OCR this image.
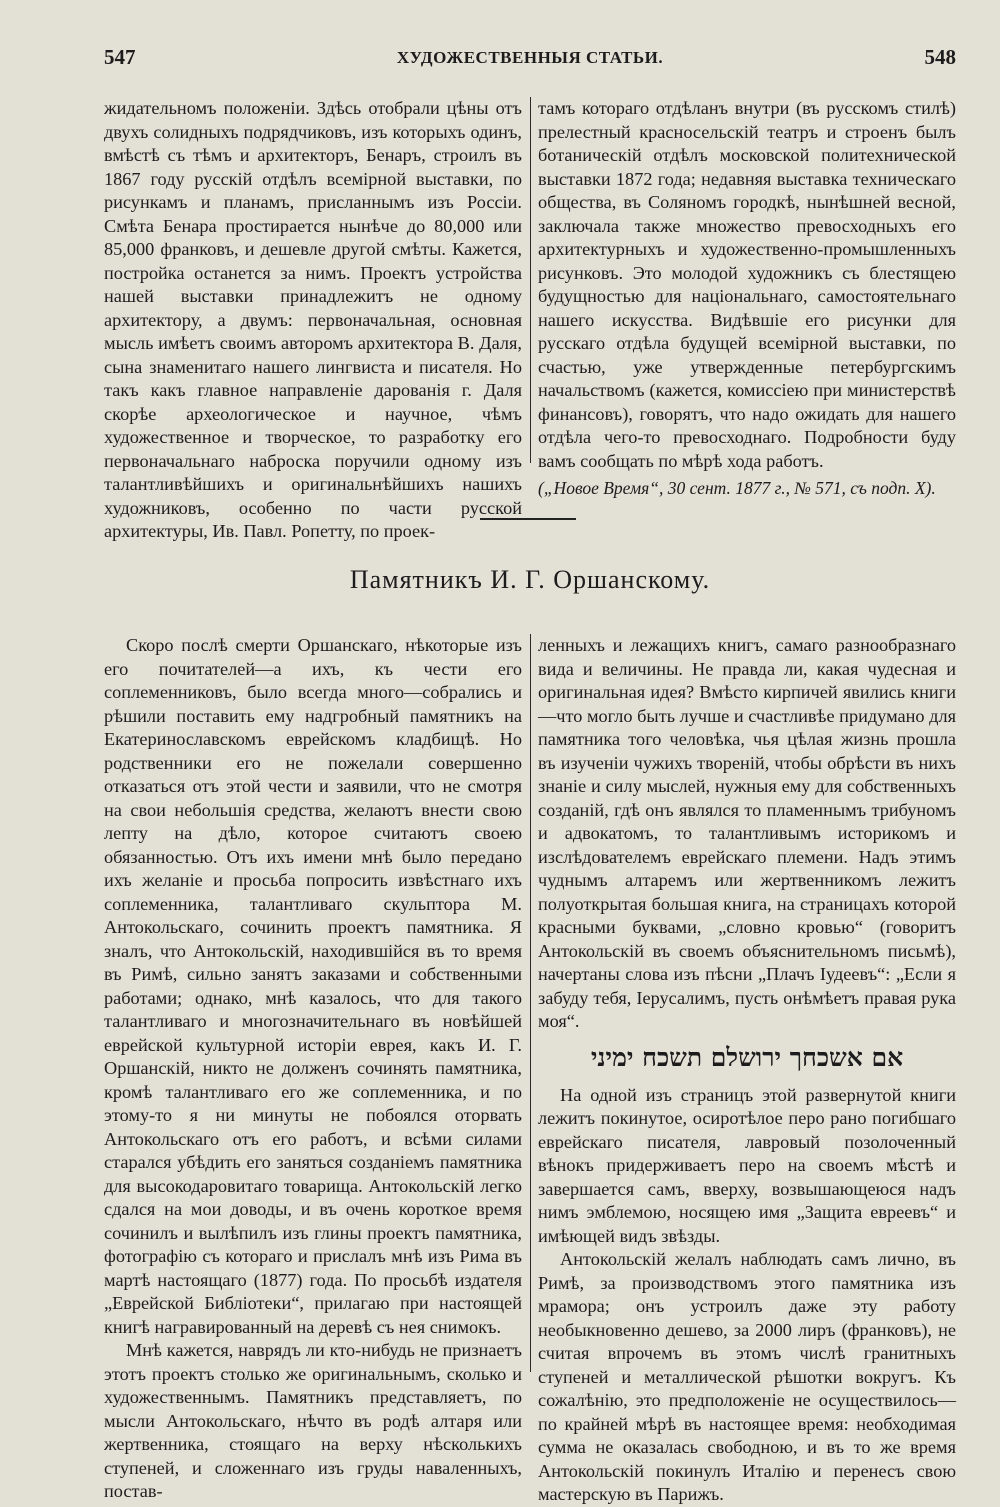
547	ХУДОЖЕСТВЕННЫЯ СТАТЬИ.	548

жидательномъ положеніи. Здѣсь отобрали цѣны отъ двухъ солидныхъ подрядчиковъ, изъ которыхъ одинъ, вмѣстѣ съ тѣмъ и архитекторъ, Бенаръ, строилъ въ 1867 году русскій отдѣлъ всемірной выставки, по рисункамъ и планамъ, присланнымъ изъ Россіи. Смѣта Бенара простирается нынѣче до 80,000 или 85,000 франковъ, и дешевле другой смѣты. Кажется, постройка останется за нимъ. Проектъ устройства нашей выставки принадлежитъ не одному архитектору, а двумъ: первоначальная, основная мысль имѣетъ своимъ авторомъ архитектора В. Даля, сына знаменитаго нашего лингвиста и писателя. Но такъ какъ главное направленіе дарованія г. Даля скорѣе археологическое и научное, чѣмъ художественное и творческое, то разработку его первоначальнаго наброска поручили одному изъ талантливѣйшихъ и оригинальнѣйшихъ нашихъ художниковъ, особенно по части русской архитектуры, Ив. Павл. Ропетту, по проек-

тамъ котораго отдѣланъ внутри (въ русскомъ стилѣ) прелестный красносельскій театръ и строенъ былъ ботаническій отдѣлъ московской политехнической выставки 1872 года; недавняя выставка техническаго общества, въ Соляномъ городкѣ, нынѣшней весной, заключала также множество превосходныхъ его архитектурныхъ и художественно-промышленныхъ рисунковъ. Это молодой художникъ съ блестящею будущностью для національнаго, самостоятельнаго нашего искусства. Видѣвшіе его рисунки для русскаго отдѣла будущей всемірной выставки, по счастью, уже утвержденные петербургскимъ начальствомъ (кажется, комиссіею при министерствѣ финансовъ), говорятъ, что надо ожидать для нашего отдѣла чего-то превосходнаго. Подробности буду вамъ сообщать по мѣрѣ хода работъ.

(„Новое Время“, 30 сент. 1877 г., № 571, съ подп. X).

Памятникъ И. Г. Оршанскому.

Скоро послѣ смерти Оршанскаго, нѣкоторые изъ его почитателей—а ихъ, къ чести его соплеменниковъ, было всегда много—собрались и рѣшили поставить ему надгробный памятникъ на Екатеринославскомъ еврейскомъ кладбищѣ. Но родственники его не пожелали совершенно отказаться отъ этой чести и заявили, что не смотря на свои небольшія средства, желаютъ внести свою лепту на дѣло, которое считаютъ своею обязанностью. Отъ ихъ имени мнѣ было передано ихъ желаніе и просьба попросить извѣстнаго ихъ соплеменника, талантливаго скульптора М. Антокольскаго, сочинить проектъ памятника. Я зналъ, что Антокольскій, находившійся въ то время въ Римѣ, сильно занятъ заказами и собственными работами; однако, мнѣ казалось, что для такого талантливаго и многозначительнаго въ новѣйшей еврейской культурной исторіи еврея, какъ И. Г. Оршанскій, никто не долженъ сочинять памятника, кромѣ талантливаго его же соплеменника, и по этому-то я ни минуты не побоялся оторвать Антокольскаго отъ его работъ, и всѣми силами старался убѣдить его заняться созданіемъ памятника для высокодаровитаго товарища. Антокольскій легко сдался на мои доводы, и въ очень короткое время сочинилъ и вылѣпилъ изъ глины проектъ памятника, фотографію съ котораго и прислалъ мнѣ изъ Рима въ мартѣ настоящаго (1877) года. По просьбѣ издателя „Еврейской Библіотеки“, прилагаю при настоящей книгѣ награвированный на деревѣ съ нея снимокъ.

Мнѣ кажется, наврядъ ли кто-нибудь не признаетъ этотъ проектъ столько же оригинальнымъ, сколько и художественнымъ. Памятникъ представляетъ, по мысли Антокольскаго, нѣчто въ родѣ алтаря или жертвенника, стоящаго на верху нѣсколькихъ ступеней, и сложеннаго изъ груды наваленныхъ, постав-

ленныхъ и лежащихъ книгъ, самаго разнообразнаго вида и величины. Не правда ли, какая чудесная и оригинальная идея? Вмѣсто кирпичей явились книги—что могло быть лучше и счастливѣе придумано для памятника того человѣка, чья цѣлая жизнь прошла въ изученіи чужихъ твореній, чтобы обрѣсти въ нихъ знаніе и силу мыслей, нужныя ему для собственныхъ созданій, гдѣ онъ являлся то пламеннымъ трибуномъ и адвокатомъ, то талантливымъ историкомъ и изслѣдователемъ еврейскаго племени. Надъ этимъ чуднымъ алтаремъ или жертвенникомъ лежитъ полуоткрытая большая книга, на страницахъ которой красными буквами, „словно кровью“ (говоритъ Антокольскій въ своемъ объяснительномъ письмѣ), начертаны слова изъ пѣсни „Плачъ Іудеевъ“: „Если я забуду тебя, Іерусалимъ, пусть онѣмѣетъ правая рука моя“.

אם אשכחך ירושלם תשכח ימיני

На одной изъ страницъ этой развернутой книги лежитъ покинутое, осиротѣлое перо рано погибшаго еврейскаго писателя, лавровый позолоченный вѣнокъ придерживаетъ перо на своемъ мѣстѣ и завершается самъ, вверху, возвышающеюся надъ нимъ эмблемою, носящею имя „Защита евреевъ“ и имѣющей видъ звѣзды.

Антокольскій желалъ наблюдать самъ лично, въ Римѣ, за производствомъ этого памятника изъ мрамора; онъ устроилъ даже эту работу необыкновенно дешево, за 2000 лиръ (франковъ), не считая впрочемъ въ этомъ числѣ гранитныхъ ступеней и металлической рѣшотки вокругъ. Къ сожалѣнію, это предположеніе не осуществилось—по крайней мѣрѣ въ настоящее время: необходимая сумма не оказалась свободною, и въ то же время Антокольскій покинулъ Италію и перенесъ свою мастерскую въ Парижъ.
